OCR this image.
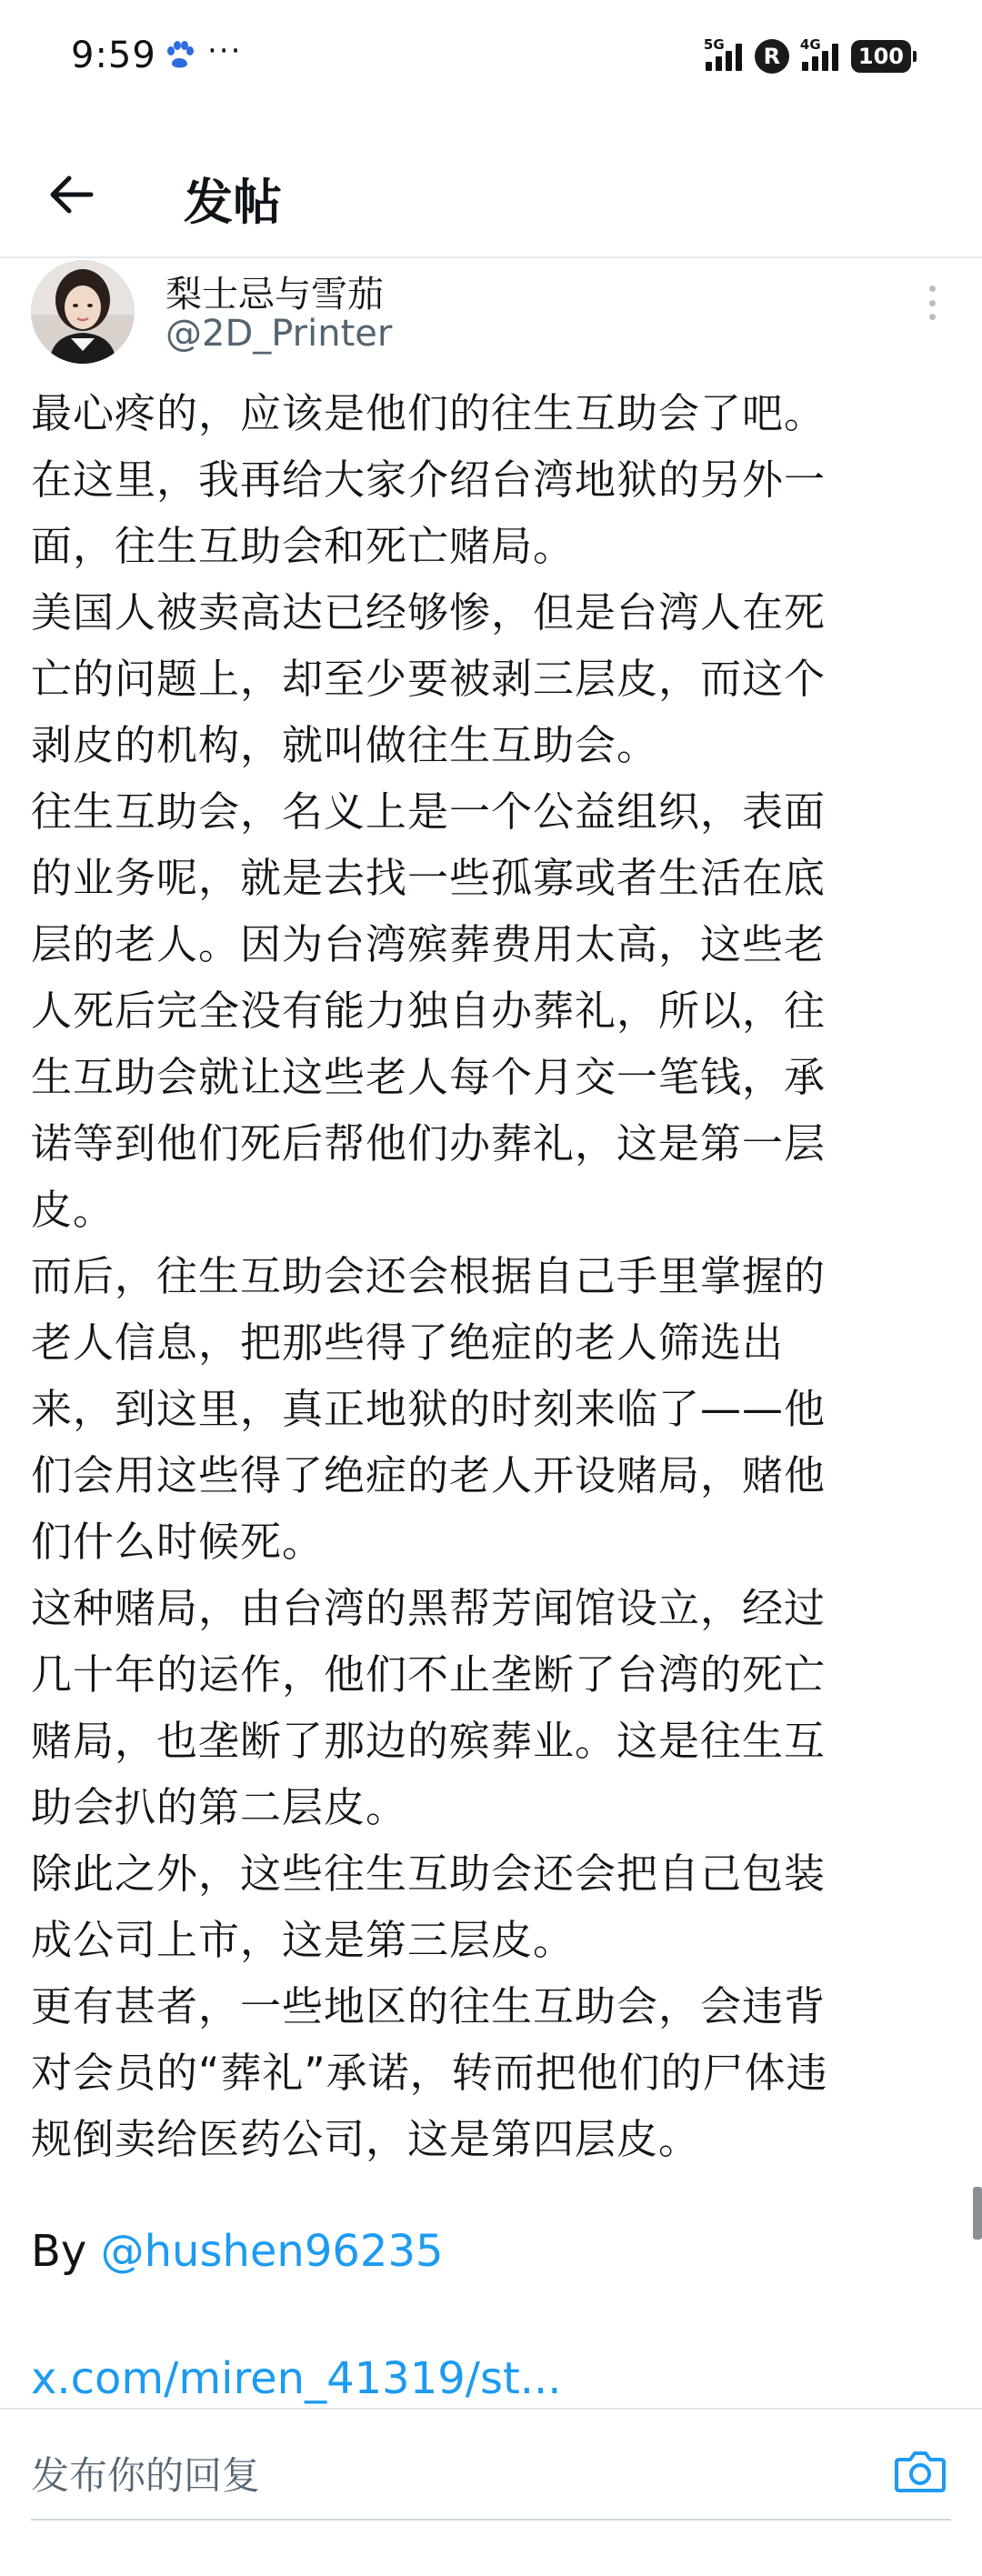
9:59 ···	5G	R	4G	100
发帖
梨士忌与雪茄
@2D_Printer
最心疼的，应该是他们的往生互助会了吧。
在这里，我再给大家介绍台湾地狱的另外一
面，往生互助会和死亡赌局。
美国人被卖高达已经够惨，但是台湾人在死
亡的问题上，却至少要被剥三层皮，而这个
剥皮的机构，就叫做往生互助会。
往生互助会，名义上是一个公益组织，表面
的业务呢，就是去找一些孤寡或者生活在底
层的老人。因为台湾殡葬费用太高，这些老
人死后完全没有能力独自办葬礼，所以，往
生互助会就让这些老人每个月交一笔钱，承
诺等到他们死后帮他们办葬礼，这是第一层
皮。
而后，往生互助会还会根据自己手里掌握的
老人信息，把那些得了绝症的老人筛选出
来，到这里，真正地狱的时刻来临了——他
们会用这些得了绝症的老人开设赌局，赌他
们什么时候死。
这种赌局，由台湾的黑帮芳闻馆设立，经过
几十年的运作，他们不止垄断了台湾的死亡
赌局，也垄断了那边的殡葬业。这是往生互
助会扒的第二层皮。
除此之外，这些往生互助会还会把自己包装
成公司上市，这是第三层皮。
更有甚者，一些地区的往生互助会，会违背
对会员的“葬礼”承诺，转而把他们的尸体违
规倒卖给医药公司，这是第四层皮。
By @hushen96235
x.com/miren_41319/st...
发布你的回复
